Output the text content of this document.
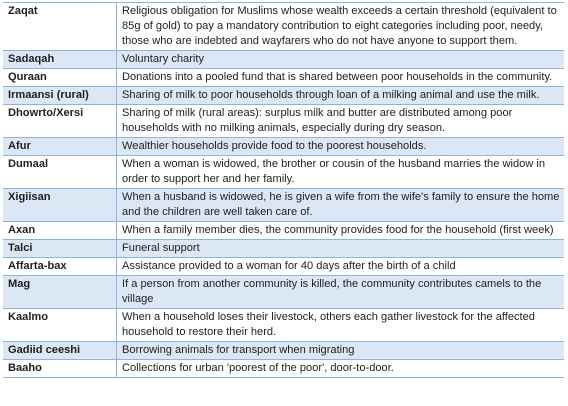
Zaqat	Religious obligation for Muslims whose wealth exceeds a certain threshold (equivalent to 85g of gold) to pay a mandatory contribution to eight categories including poor, needy, those who are indebted and wayfarers who do not have anyone to support them.
Sadaqah	Voluntary charity
Quraan	Donations into a pooled fund that is shared between poor households in the community.
Irmaansi (rural)	Sharing of milk to poor households through loan of a milking animal and use the milk.
Dhowrto/Xersi	Sharing of milk (rural areas): surplus milk and butter are distributed among poor households with no milking animals, especially during dry season.
Afur	Wealthier households provide food to the poorest households.
Dumaal	When a woman is widowed, the brother or cousin of the husband marries the widow in order to support her and her family.
Xigiisan	When a husband is widowed, he is given a wife from the wife's family to ensure the home and the children are well taken care of.
Axan	When a family member dies, the community provides food for the household (first week)
Talci	Funeral support
Affarta-bax	Assistance provided to a woman for 40 days after the birth of a child
Mag	If a person from another community is killed, the community contributes camels to the village
Kaalmo	When a household loses their livestock, others each gather livestock for the affected household to restore their herd.
Gadiid ceeshi	Borrowing animals for transport when migrating
Baaho	Collections for urban 'poorest of the poor', door-to-door.
